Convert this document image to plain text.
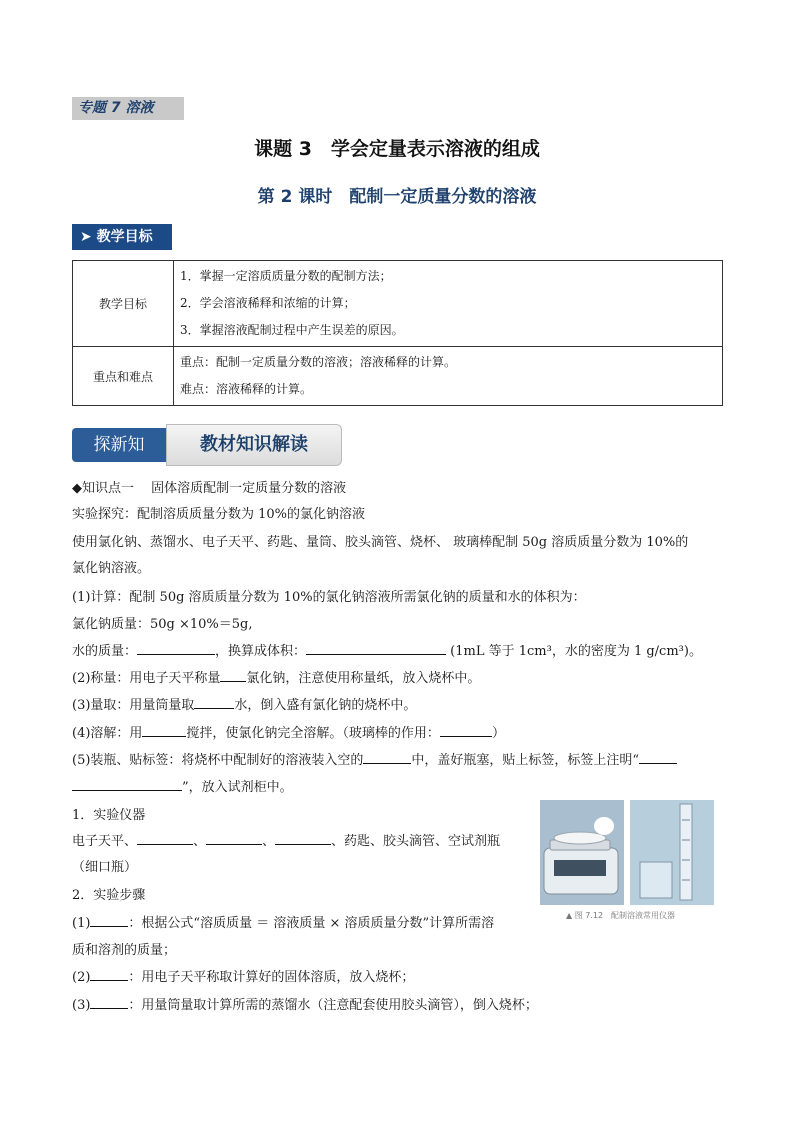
专题 7 溶液
课题 3　学会定量表示溶液的组成
第 2 课时　配制一定质量分数的溶液
➤ 教学目标
教学目标	1．掌握一定溶质质量分数的配制方法；
2．学会溶液稀释和浓缩的计算；
3．掌握溶液配制过程中产生误差的原因。

重点和难点	重点：配制一定质量分数的溶液；溶液稀释的计算。
难点：溶液稀释的计算。
探新知	教材知识解读
◆知识点一　 固体溶质配制一定质量分数的溶液
实验探究：配制溶质质量分数为 10%的氯化钠溶液
使用氯化钠、蒸馏水、电子天平、药匙、量筒、胶头滴管、烧杯、 玻璃棒配制 50g 溶质质量分数为 10%的
氯化钠溶液。
(1)计算：配制 50g 溶质质量分数为 10%的氯化钠溶液所需氯化钠的质量和水的体积为：
氯化钠质量：50g ×10%＝5g,
水的质量：	，换算成体积：	(1mL 等于 1cm³，水的密度为 1 g/cm³)。
(2)称量：用电子天平称量 氯化钠，注意使用称量纸，放入烧杯中。
(3)量取：用量筒量取	水，倒入盛有氯化钠的烧杯中。
(4)溶解：用	搅拌，使氯化钠完全溶解。（玻璃棒的作用：	）
(5)装瓶、贴标签：将烧杯中配制好的溶液装入空的	中，盖好瓶塞，贴上标签，标签上注明“
”，放入试剂柜中。
1．实验仪器
电子天平、	、	、	、药匙、胶头滴管、空试剂瓶
（细口瓶）
2．实验步骤
(1)	：根据公式“溶质质量 ＝ 溶液质量 × 溶质质量分数”计算所需溶
质和溶剂的质量；
(2)	：用电子天平称取计算好的固体溶质，放入烧杯；
(3)	：用量筒量取计算所需的蒸馏水（注意配套使用胶头滴管），倒入烧杯；
▲ 图 7.12　配制溶液常用仪器
